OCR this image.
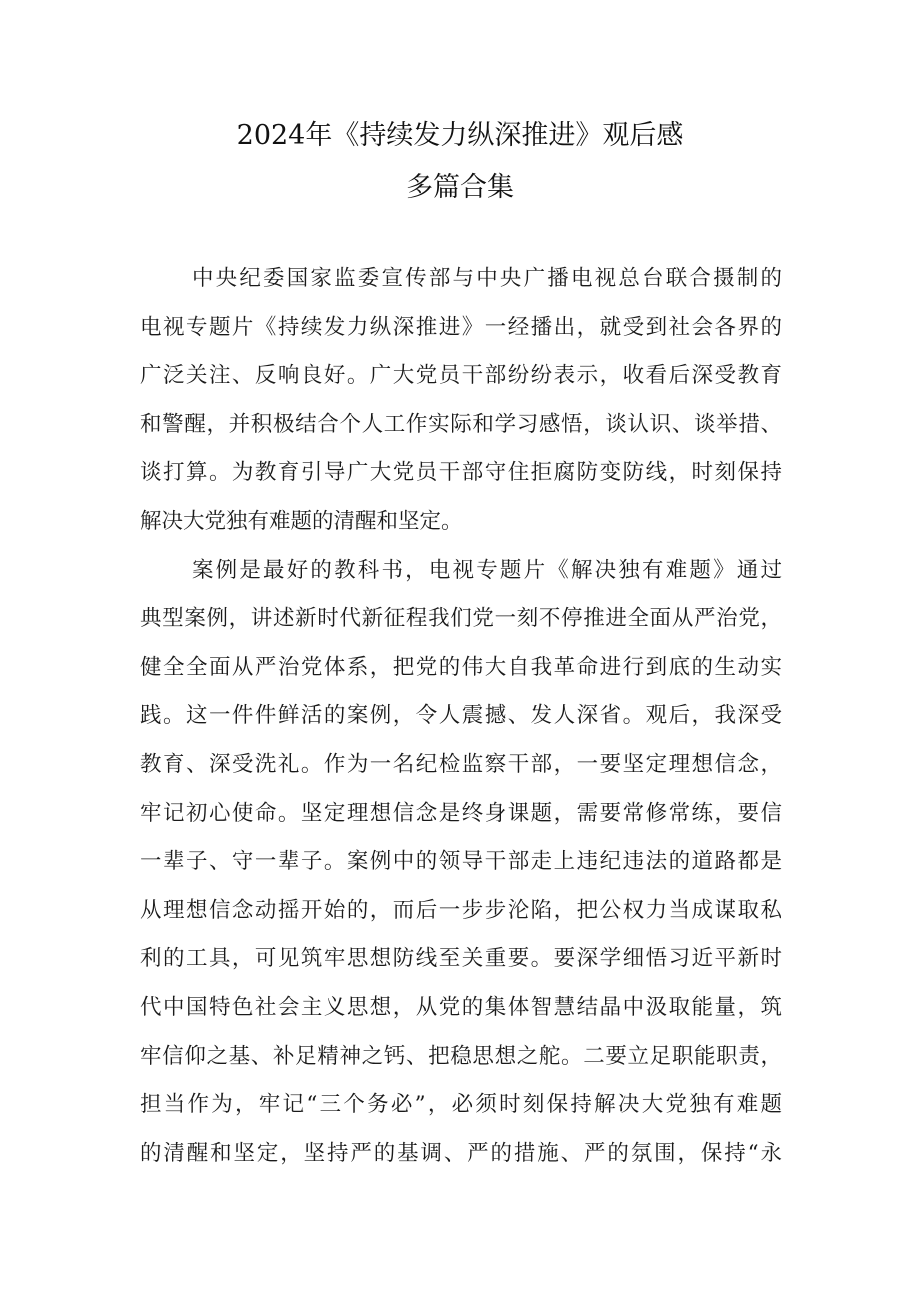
2024年《持续发力纵深推进》观后感
多篇合集
中央纪委国家监委宣传部与中央广播电视总台联合摄制的
电视专题片《持续发力纵深推进》一经播出，就受到社会各界的
广泛关注、反响良好。广大党员干部纷纷表示，收看后深受教育
和警醒，并积极结合个人工作实际和学习感悟，谈认识、谈举措、
谈打算。为教育引导广大党员干部守住拒腐防变防线，时刻保持
解决大党独有难题的清醒和坚定。
案例是最好的教科书，电视专题片《解决独有难题》通过
典型案例，讲述新时代新征程我们党一刻不停推进全面从严治党，
健全全面从严治党体系，把党的伟大自我革命进行到底的生动实
践。这一件件鲜活的案例，令人震撼、发人深省。观后，我深受
教育、深受洗礼。作为一名纪检监察干部，一要坚定理想信念，
牢记初心使命。坚定理想信念是终身课题，需要常修常练，要信
一辈子、守一辈子。案例中的领导干部走上违纪违法的道路都是
从理想信念动摇开始的，而后一步步沦陷，把公权力当成谋取私
利的工具，可见筑牢思想防线至关重要。要深学细悟习近平新时
代中国特色社会主义思想，从党的集体智慧结晶中汲取能量，筑
牢信仰之基、补足精神之钙、把稳思想之舵。二要立足职能职责，
担当作为，牢记“三个务必”，必须时刻保持解决大党独有难题
的清醒和坚定，坚持严的基调、严的措施、严的氛围，保持“永
